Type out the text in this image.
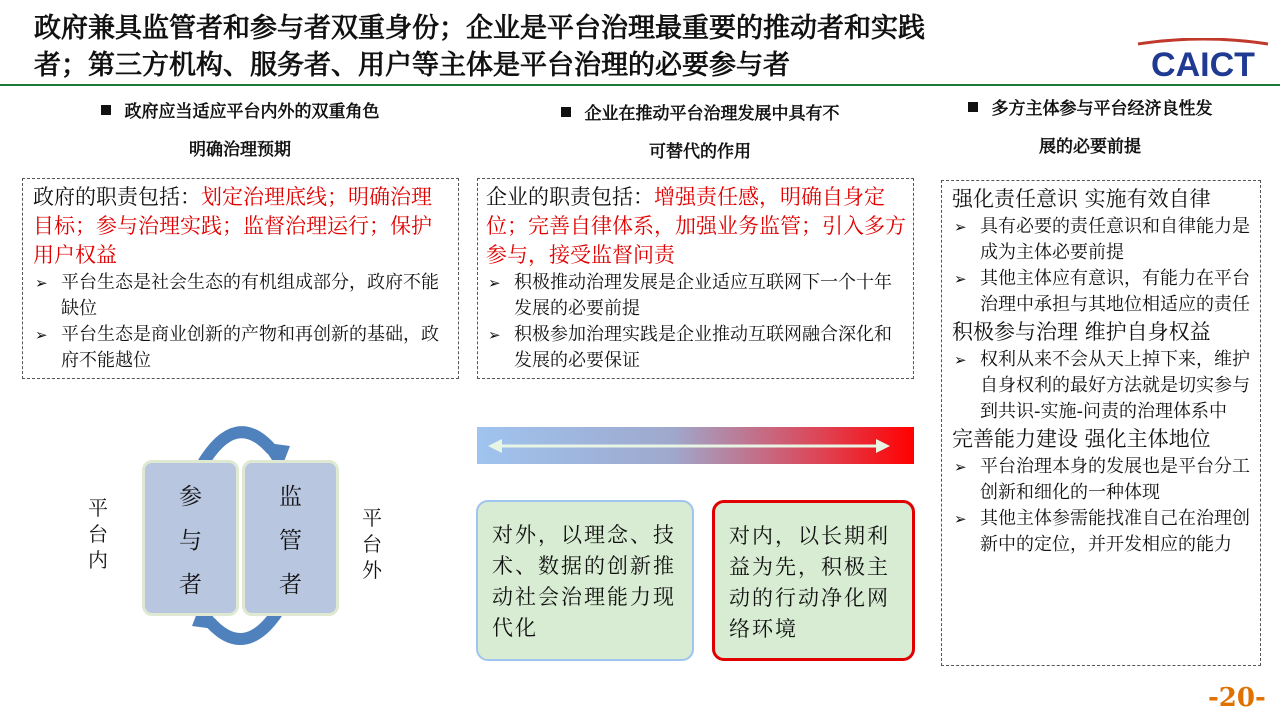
政府兼具监管者和参与者双重身份；企业是平台治理最重要的推动者和实践
者；第三方机构、服务者、用户等主体是平台治理的必要参与者	CAICT
政府应当适应平台内外的双重角色
明确治理预期
企业在推动平台治理发展中具有不
可替代的作用
多方主体参与平台经济良性发
展的必要前提
政府的职责包括：划定治理底线；明确治理目标；参与治理实践；监督治理运行；保护用户权益
➢ 平台生态是社会生态的有机组成部分，政府不能缺位
➢ 平台生态是商业创新的产物和再创新的基础，政府不能越位
企业的职责包括：增强责任感，明确自身定位；完善自律体系，加强业务监管；引入多方参与，接受监督问责
➢ 积极推动治理发展是企业适应互联网下一个十年发展的必要前提
➢ 积极参加治理实践是企业推动互联网融合深化和发展的必要保证
强化责任意识 实施有效自律
➢ 具有必要的责任意识和自律能力是成为主体必要前提
➢ 其他主体应有意识，有能力在平台治理中承担与其地位相适应的责任
积极参与治理 维护自身权益
➢ 权利从来不会从天上掉下来，维护自身权利的最好方法就是切实参与到共识-实施-问责的治理体系中
完善能力建设 强化主体地位
➢ 平台治理本身的发展也是平台分工创新和细化的一种体现
➢ 其他主体参需能找准自己在治理创新中的定位，并开发相应的能力
平台内
平台外
参与者
监管者
对外，以理念、技术、数据的创新推动社会治理能力现代化
对内，以长期利益为先，积极主动的行动净化网络环境
-20-
